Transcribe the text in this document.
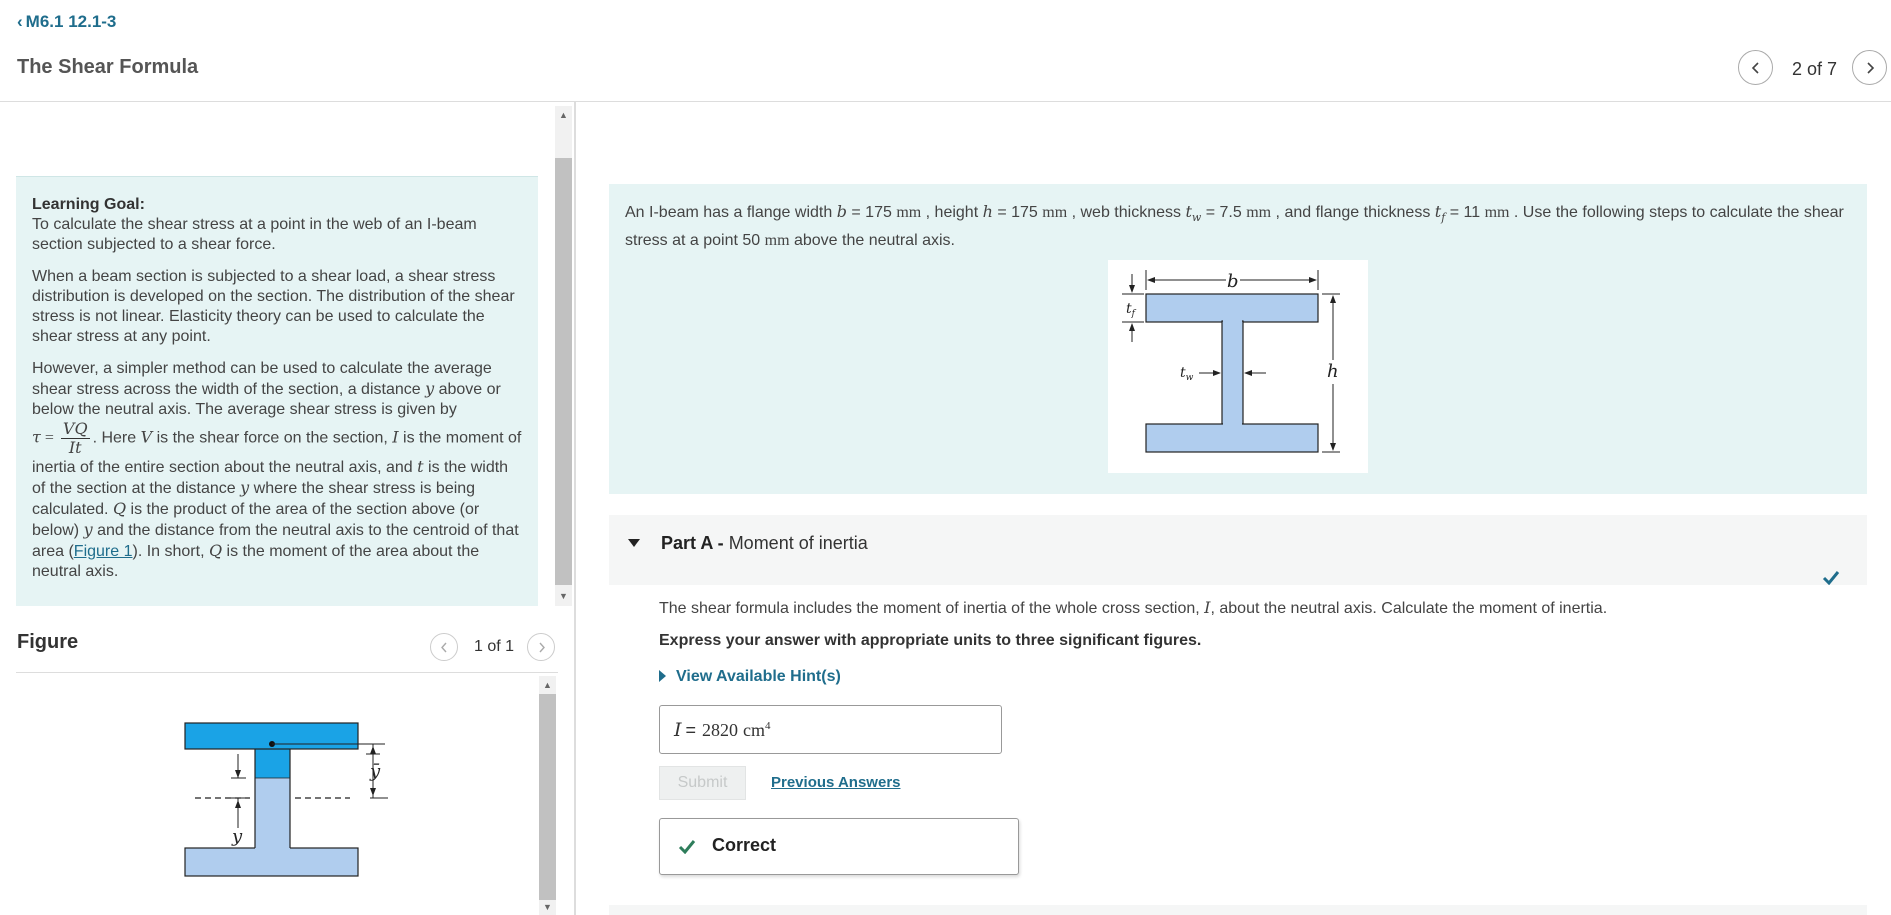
‹ M6.1 12.1-3
The Shear Formula	2 of 7
▲
▼

Learning Goal:
To calculate the shear stress at a point in the web of an I-beam section subjected to a shear force.

When a beam section is subjected to a shear load, a shear stress distribution is developed on the section. The distribution of the shear stress is not linear. Elasticity theory can be used to calculate the shear stress at any point.

However, a simpler method can be used to calculate the average shear stress across the width of the section, a distance y above or below the neutral axis. The average shear stress is given by
$\tau = \frac{VQ}{It}$ . Here V is the shear force on the section, I is the moment of inertia of the entire section about the neutral axis, and t is the width of the section at the distance y where the shear stress is being calculated. Q is the product of the area of the section above (or below) y and the distance from the neutral axis to the centroid of that area (Figure 1). In short, Q is the moment of the area about the neutral axis.

Figure	1 of 1
▲
▼
ȳ
y
An I-beam has a flange width b = 175 mm , height h = 175 mm , web thickness $t_w = 7.5$ mm , and flange thickness $t_f = 11$ mm . Use the following steps to calculate the shear stress at a point 50 mm above the neutral axis.
b
h
$t_f$
$t_w$
Part A - Moment of inertia
The shear formula includes the moment of inertia of the whole cross section, I, about the neutral axis. Calculate the moment of inertia.
Express your answer with appropriate units to three significant figures.
View Available Hint(s)
I = 2820 $cm^4$
Submit	Previous Answers
Correct
